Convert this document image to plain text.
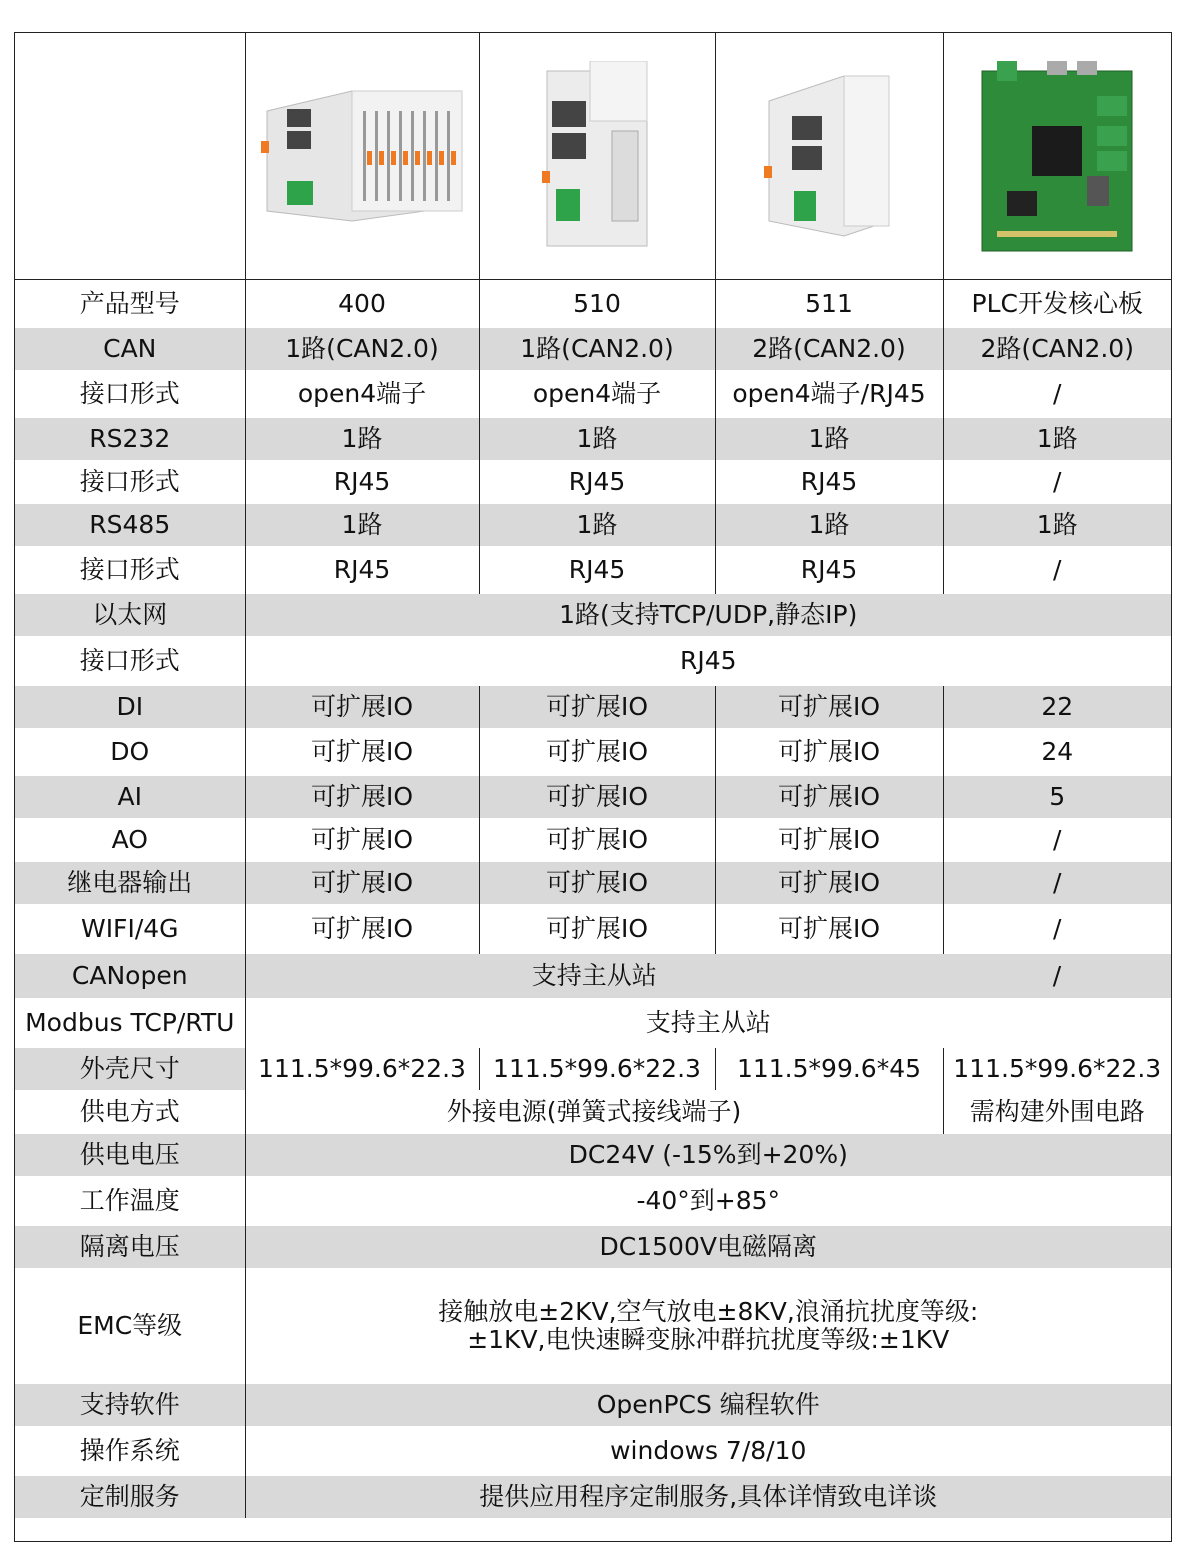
产品型号	400	510	511	PLC开发核心板
CAN	1路(CAN2.0)	1路(CAN2.0)	2路(CAN2.0)	2路(CAN2.0)
接口形式	open4端子	open4端子	open4端子/RJ45	/
RS232	1路	1路	1路	1路
接口形式	RJ45	RJ45	RJ45	/
RS485	1路	1路	1路	1路
接口形式	RJ45	RJ45	RJ45	/
以太网	1路(支持TCP/UDP,静态IP)			
接口形式	RJ45			
DI	可扩展IO	可扩展IO	可扩展IO	22
DO	可扩展IO	可扩展IO	可扩展IO	24
AI	可扩展IO	可扩展IO	可扩展IO	5
AO	可扩展IO	可扩展IO	可扩展IO	/
继电器输出	可扩展IO	可扩展IO	可扩展IO	/
WIFI/4G	可扩展IO	可扩展IO	可扩展IO	/
CANopen	支持主从站			/
Modbus TCP/RTU	支持主从站			
外壳尺寸	111.5*99.6*22.3	111.5*99.6*22.3	111.5*99.6*45	111.5*99.6*22.3
供电方式	外接电源(弹簧式接线端子)			需构建外围电路
供电电压	DC24V (-15%到+20%)			
工作温度	-40°到+85°			
隔离电压	DC1500V电磁隔离			
EMC等级	接触放电±2KV,空气放电±8KV,浪涌抗扰度等级:
±1KV,电快速瞬变脉冲群抗扰度等级:±1KV			

支持软件	OpenPCS 编程软件			
操作系统	windows 7/8/10			
定制服务	提供应用程序定制服务,具体详情致电详谈			
